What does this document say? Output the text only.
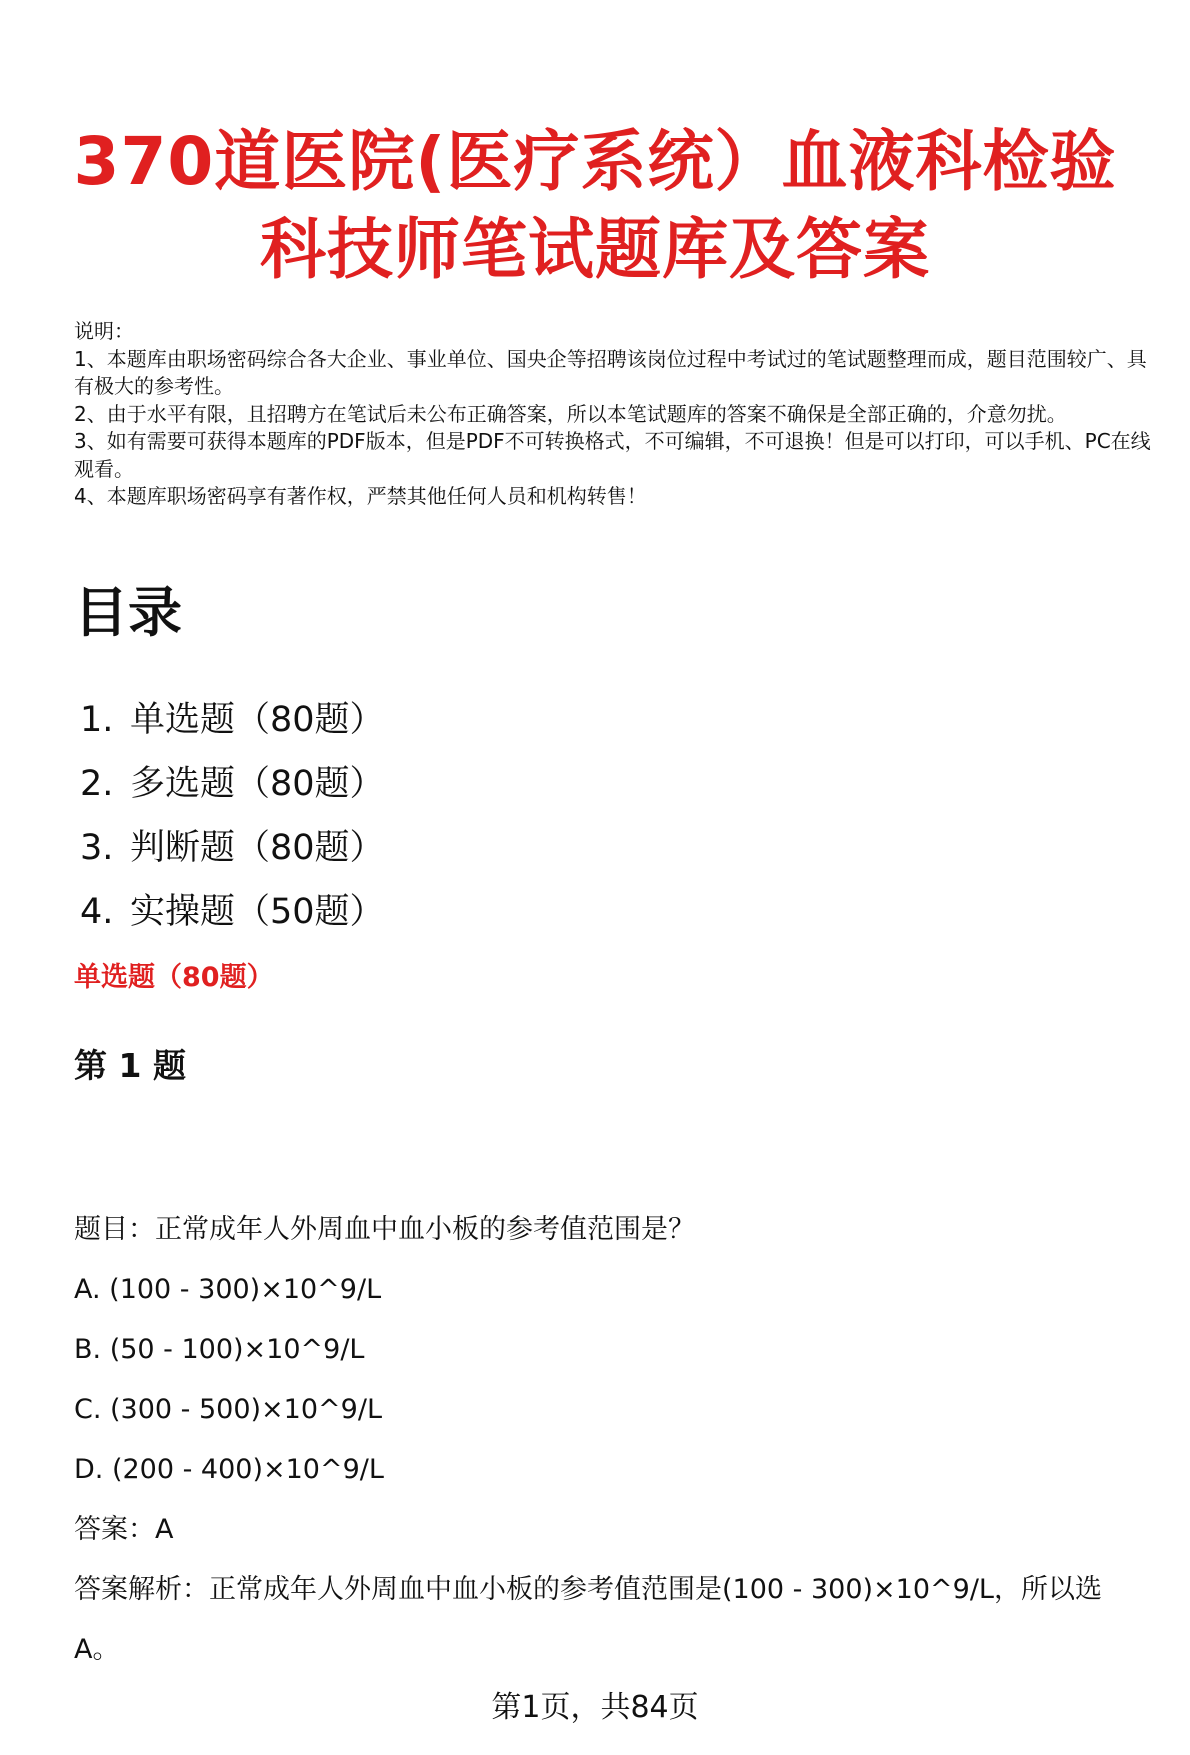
370道医院(医疗系统）血液科检验
科技师笔试题库及答案
说明：
1、本题库由职场密码综合各大企业、事业单位、国央企等招聘该岗位过程中考试过的笔试题整理而成，题目范围较广、具有极大的参考性。
2、由于水平有限，且招聘方在笔试后未公布正确答案，所以本笔试题库的答案不确保是全部正确的，介意勿扰。
3、如有需要可获得本题库的PDF版本，但是PDF不可转换格式，不可编辑，不可退换！但是可以打印，可以手机、PC在线观看。
4、本题库职场密码享有著作权，严禁其他任何人员和机构转售！
目录
1. 单选题（80题）
2. 多选题（80题）
3. 判断题（80题）
4. 实操题（50题）
单选题（80题）
第 1 题
题目：正常成年人外周血中血小板的参考值范围是？
A. (100 - 300)×10^9/L
B. (50 - 100)×10^9/L
C. (300 - 500)×10^9/L
D. (200 - 400)×10^9/L
答案：A
答案解析：正常成年人外周血中血小板的参考值范围是(100 - 300)×10^9/L，所以选A。
第1页，共84页
